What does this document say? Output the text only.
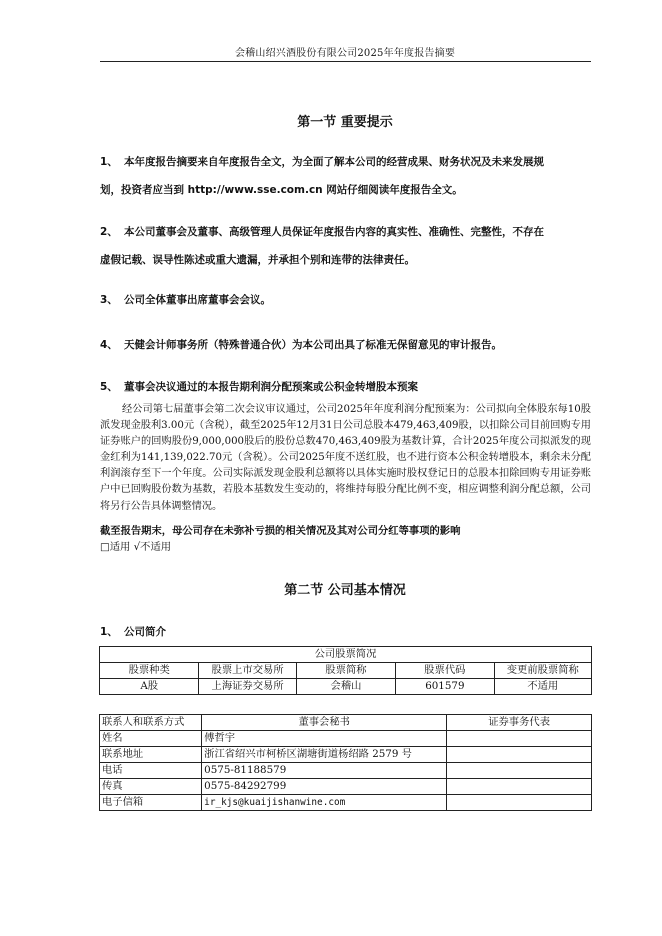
会稽山绍兴酒股份有限公司2025年年度报告摘要
第一节 重要提示
1、 本年度报告摘要来自年度报告全文，为全面了解本公司的经营成果、财务状况及未来发展规
划，投资者应当到 http://www.sse.com.cn 网站仔细阅读年度报告全文。
2、 本公司董事会及董事、高级管理人员保证年度报告内容的真实性、准确性、完整性，不存在
虚假记载、误导性陈述或重大遗漏，并承担个别和连带的法律责任。
3、 公司全体董事出席董事会会议。
4、 天健会计师事务所（特殊普通合伙）为本公司出具了标准无保留意见的审计报告。
5、 董事会决议通过的本报告期利润分配预案或公积金转增股本预案
经公司第七届董事会第二次会议审议通过，公司2025年年度利润分配预案为：公司拟向全体股东每10股派发现金股利3.00元（含税），截至2025年12月31日公司总股本479,463,409股，以扣除公司目前回购专用证券账户的回购股份9,000,000股后的股份总数470,463,409股为基数计算，合计2025年度公司拟派发的现金红利为141,139,022.70元（含税）。公司2025年度不送红股，也不进行资本公积金转增股本，剩余未分配利润滚存至下一个年度。公司实际派发现金股利总额将以具体实施时股权登记日的总股本扣除回购专用证券账户中已回购股份数为基数，若股本基数发生变动的，将维持每股分配比例不变，相应调整利润分配总额，公司将另行公告具体调整情况。
截至报告期末，母公司存在未弥补亏损的相关情况及其对公司分红等事项的影响
□适用 √不适用
第二节 公司基本情况
1、 公司简介
公司股票简况				
股票种类	股票上市交易所	股票简称	股票代码	变更前股票简称
A股	上海证券交易所	会稽山	601579	不适用
联系人和联系方式	董事会秘书	证券事务代表
姓名	傅哲宇	
联系地址	浙江省绍兴市柯桥区湖塘街道杨绍路 2579 号	
电话	0575-81188579	
传真	0575-84292799	
电子信箱	ir_kjs@kuaijishanwine.com	
